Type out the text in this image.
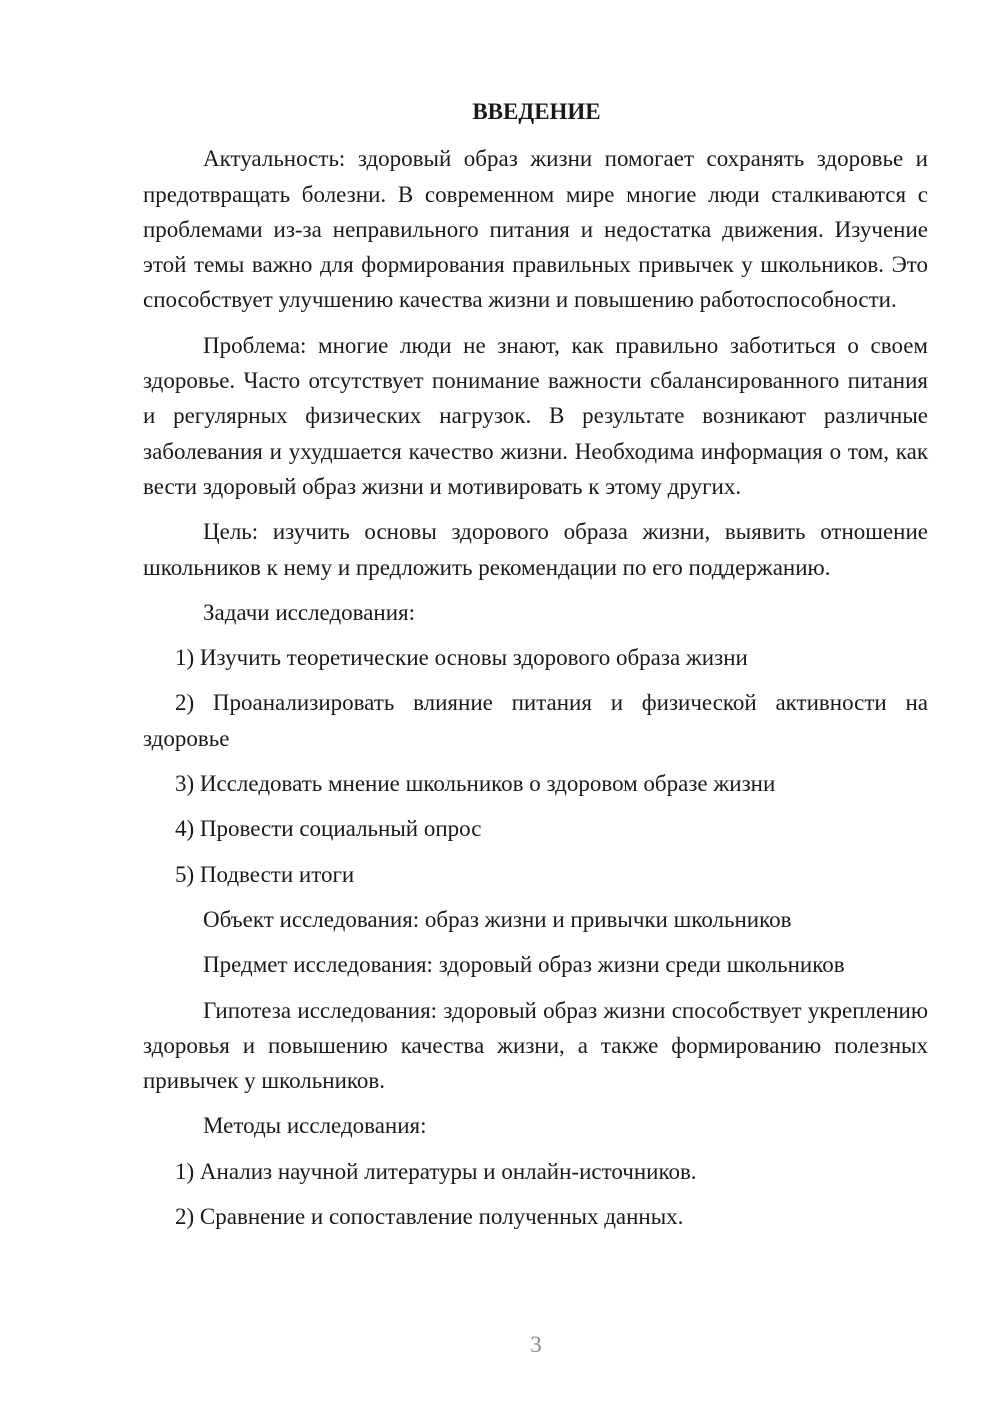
ВВЕДЕНИЕ

Актуальность: здоровый образ жизни помогает сохранять здоровье и предотвращать болезни. В современном мире многие люди сталкиваются с проблемами из-за неправильного питания и недостатка движения. Изучение этой темы важно для формирования правильных привычек у школьников. Это способствует улучшению качества жизни и повышению работоспособности.

Проблема: многие люди не знают, как правильно заботиться о своем здоровье. Часто отсутствует понимание важности сбалансированного питания и регулярных физических нагрузок. В результате возникают различные заболевания и ухудшается качество жизни. Необходима информация о том, как вести здоровый образ жизни и мотивировать к этому других.

Цель: изучить основы здорового образа жизни, выявить отношение школьников к нему и предложить рекомендации по его поддержанию.

Задачи исследования:

1) Изучить теоретические основы здорового образа жизни

2) Проанализировать влияние питания и физической активности на здоровье

3) Исследовать мнение школьников о здоровом образе жизни

4) Провести социальный опрос

5) Подвести итоги

Объект исследования: образ жизни и привычки школьников

Предмет исследования: здоровый образ жизни среди школьников

Гипотеза исследования: здоровый образ жизни способствует укреплению здоровья и повышению качества жизни, а также формированию полезных привычек у школьников.

Методы исследования:

1) Анализ научной литературы и онлайн-источников.

2) Сравнение и сопоставление полученных данных.

3
